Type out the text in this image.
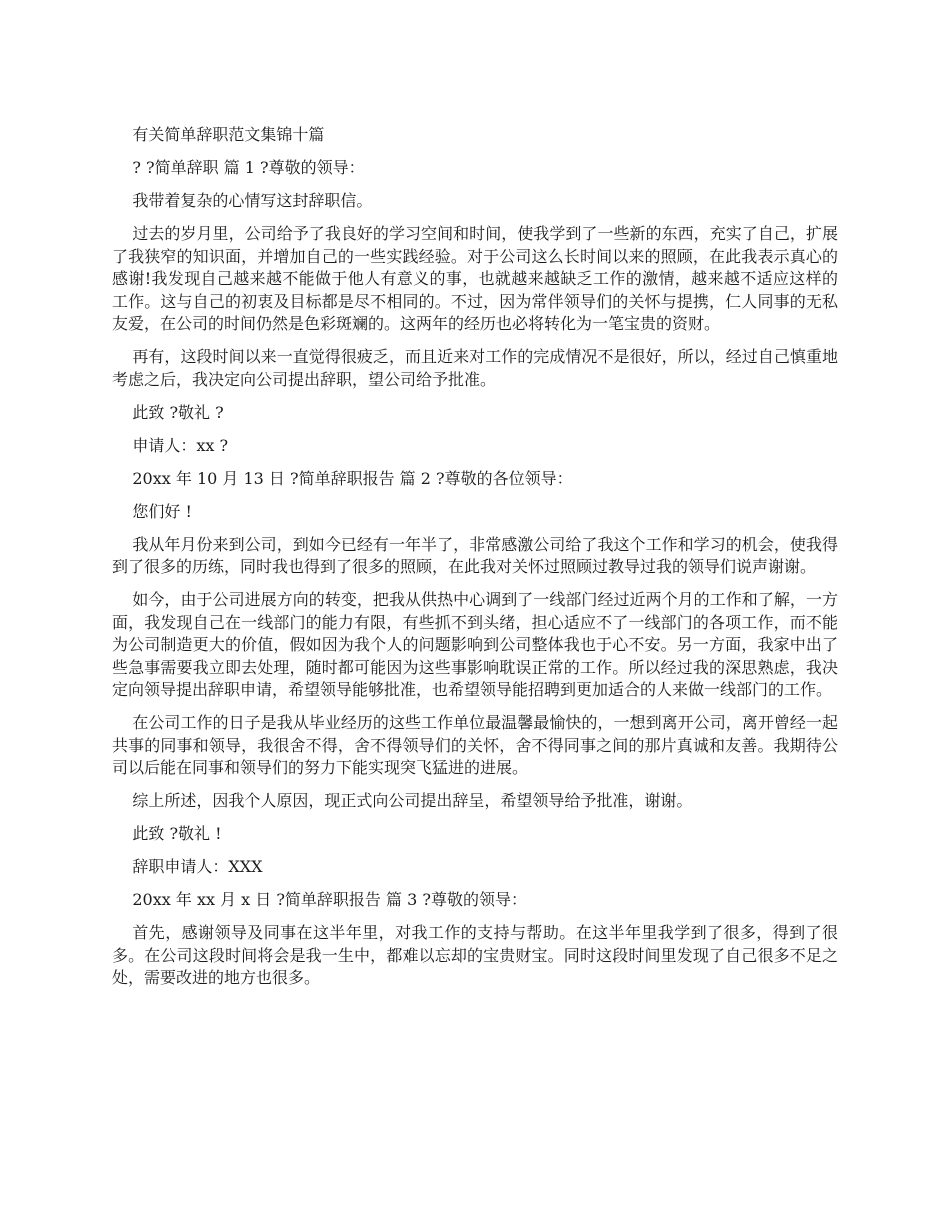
有关简单辞职范文集锦十篇

? ?简单辞职 篇 1 ?尊敬的领导：

我带着复杂的心情写这封辞职信。

过去的岁月里，公司给予了我良好的学习空间和时间，使我学到了一些新的东西，充实了自己，扩展了我狭窄的知识面，并增加自己的一些实践经验。对于公司这么长时间以来的照顾，在此我表示真心的感谢!我发现自己越来越不能做于他人有意义的事，也就越来越缺乏工作的激情，越来越不适应这样的工作。这与自己的初衷及目标都是尽不相同的。不过，因为常伴领导们的关怀与提携，仁人同事的无私友爱，在公司的时间仍然是色彩斑斓的。这两年的经历也必将转化为一笔宝贵的资财。

再有，这段时间以来一直觉得很疲乏，而且近来对工作的完成情况不是很好，所以，经过自己慎重地考虑之后，我决定向公司提出辞职，望公司给予批准。

此致 ?敬礼 ?

申请人：xx ?

20xx 年 10 月 13 日 ?简单辞职报告 篇 2 ?尊敬的各位领导：

您们好 !

我从年月份来到公司，到如今已经有一年半了，非常感激公司给了我这个工作和学习的机会，使我得到了很多的历练，同时我也得到了很多的照顾，在此我对关怀过照顾过教导过我的领导们说声谢谢。

如今，由于公司进展方向的转变，把我从供热中心调到了一线部门经过近两个月的工作和了解，一方面，我发现自己在一线部门的能力有限，有些抓不到头绪，担心适应不了一线部门的各项工作，而不能为公司制造更大的价值，假如因为我个人的问题影响到公司整体我也于心不安。另一方面，我家中出了些急事需要我立即去处理，随时都可能因为这些事影响耽误正常的工作。所以经过我的深思熟虑，我决定向领导提出辞职申请，希望领导能够批准，也希望领导能招聘到更加适合的人来做一线部门的工作。

在公司工作的日子是我从毕业经历的这些工作单位最温馨最愉快的，一想到离开公司，离开曾经一起共事的同事和领导，我很舍不得，舍不得领导们的关怀，舍不得同事之间的那片真诚和友善。我期待公司以后能在同事和领导们的努力下能实现突飞猛进的进展。

综上所述，因我个人原因，现正式向公司提出辞呈，希望领导给予批准，谢谢。

此致 ?敬礼 !

辞职申请人：XXX

20xx 年 xx 月 x 日 ?简单辞职报告 篇 3 ?尊敬的领导：

首先，感谢领导及同事在这半年里，对我工作的支持与帮助。在这半年里我学到了很多，得到了很多。在公司这段时间将会是我一生中，都难以忘却的宝贵财宝。同时这段时间里发现了自己很多不足之处，需要改进的地方也很多。
